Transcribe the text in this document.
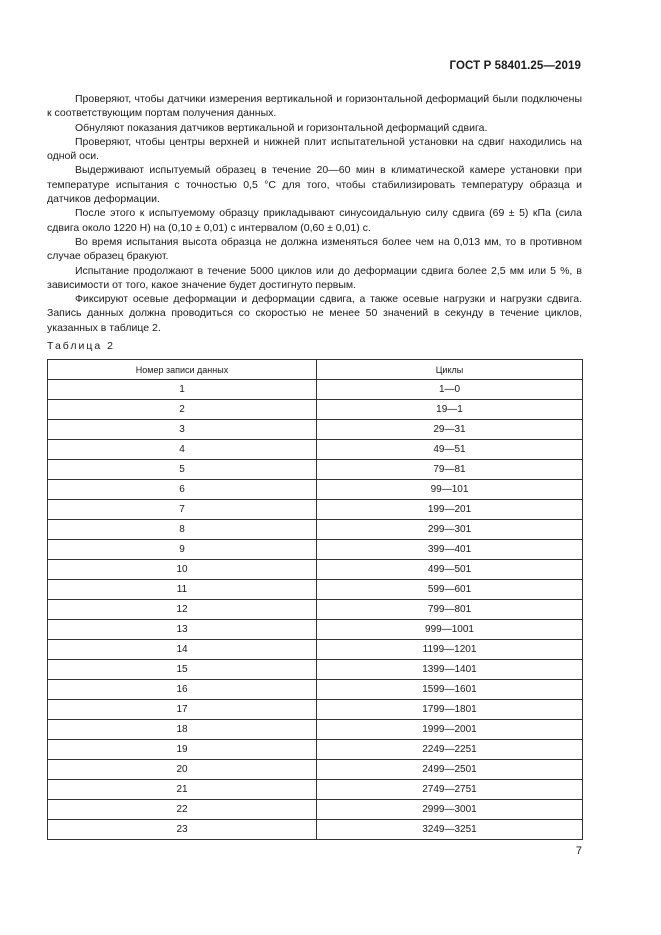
ГОСТ Р 58401.25—2019

Проверяют, чтобы датчики измерения вертикальной и горизонтальной деформаций были подключены к соответствующим портам получения данных.

Обнуляют показания датчиков вертикальной и горизонтальной деформаций сдвига.

Проверяют, чтобы центры верхней и нижней плит испытательной установки на сдвиг находились на одной оси.

Выдерживают испытуемый образец в течение 20—60 мин в климатической камере установки при температуре испытания с точностью 0,5 °С для того, чтобы стабилизировать температуру образца и датчиков деформации.

После этого к испытуемому образцу прикладывают синусоидальную силу сдвига (69 ± 5) кПа (сила сдвига около 1220 Н) на (0,10 ± 0,01) с интервалом (0,60 ± 0,01) с.

Во время испытания высота образца не должна изменяться более чем на 0,013 мм, то в противном случае образец бракуют.

Испытание продолжают в течение 5000 циклов или до деформации сдвига более 2,5 мм или 5 %, в зависимости от того, какое значение будет достигнуто первым.

Фиксируют осевые деформации и деформации сдвига, а также осевые нагрузки и нагрузки сдвига. Запись данных должна проводиться со скоростью не менее 50 значений в секунду в течение циклов, указанных в таблице 2.

Таблица 2
Номер записи данных	Циклы
1	1—0
2	19—1
3	29—31
4	49—51
5	79—81
6	99—101
7	199—201
8	299—301
9	399—401
10	499—501
11	599—601
12	799—801
13	999—1001
14	1199—1201
15	1399—1401
16	1599—1601
17	1799—1801
18	1999—2001
19	2249—2251
20	2499—2501
21	2749—2751
22	2999—3001
23	3249—3251
7
